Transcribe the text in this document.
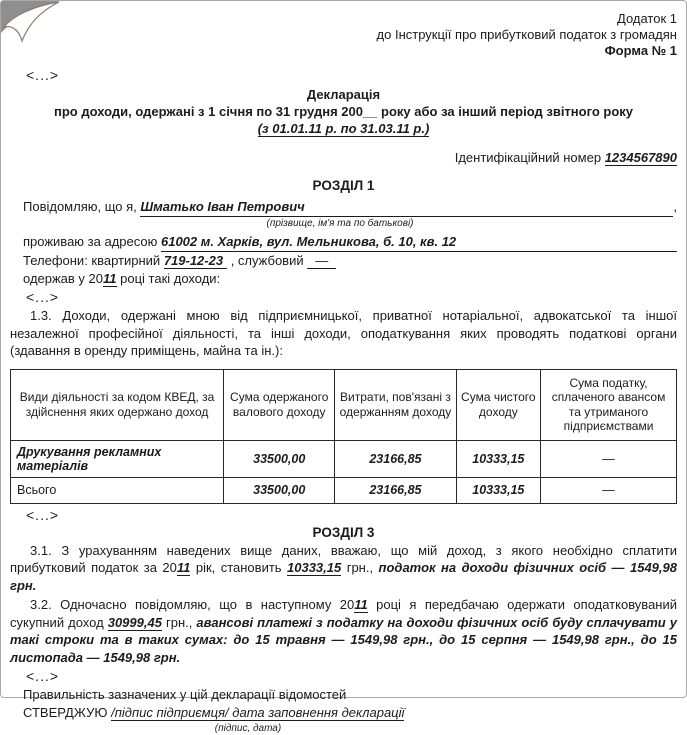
Додаток 1
до Інструкції про прибутковий податок з громадян
Форма № 1
<...>
Декларація
про доходи, одержані з 1 січня по 31 грудня 200__ року або за інший період звітного року
(з 01.01.11 р. по 31.03.11 р.)
Ідентифікаційний номер 1234567890
РОЗДІЛ 1
Повідомляю, що я, Шматько Іван Петрович	,
(прізвище, ім'я та по батькові)
проживаю за адресою 61002 м. Харків, вул. Мельникова, б. 10, кв. 12
Телефони: квартирний 719-12-23 , службовий —
одержав у 2011 році такі доходи:
<...>
1.3. Доходи, одержані мною від підприємницької, приватної нотаріальної, адвокатської та іншої незалежної професійної діяльності, та інші доходи, оподаткування яких проводять податкові органи (здавання в оренду приміщень, майна та ін.):
Види діяльності за кодом КВЕД, за здійснення яких одержано доход	Сума одержаного валового доходу	Витрати, пов'язані з одержанням доходу	Сума чистого доходу	Сума податку, сплаченого авансом та утриманого підприємствами
Друкування рекламних матеріалів	33500,00	23166,85	10333,15	—
Всього	33500,00	23166,85	10333,15	—
<...>
РОЗДІЛ 3
3.1. З урахуванням наведених вище даних, вважаю, що мій доход, з якого необхідно сплатити прибутковий податок за 2011 рік, становить 10333,15 грн., податок на доходи фізичних осіб — 1549,98 грн.
3.2. Одночасно повідомляю, що в наступному 2011 році я передбачаю одержати оподатковуваний сукупний доход 30999,45 грн., авансові платежі з податку на доходи фізичних осіб буду сплачувати у такі строки та в таких сумах: до 15 травня — 1549,98 грн., до 15 серпня — 1549,98 грн., до 15 листопада — 1549,98 грн.
<...>
Правильність зазначених у цій декларації відомостей
СТВЕРДЖУЮ /підпис підприємця/ дата заповнення декларації
(підпис, дата)
